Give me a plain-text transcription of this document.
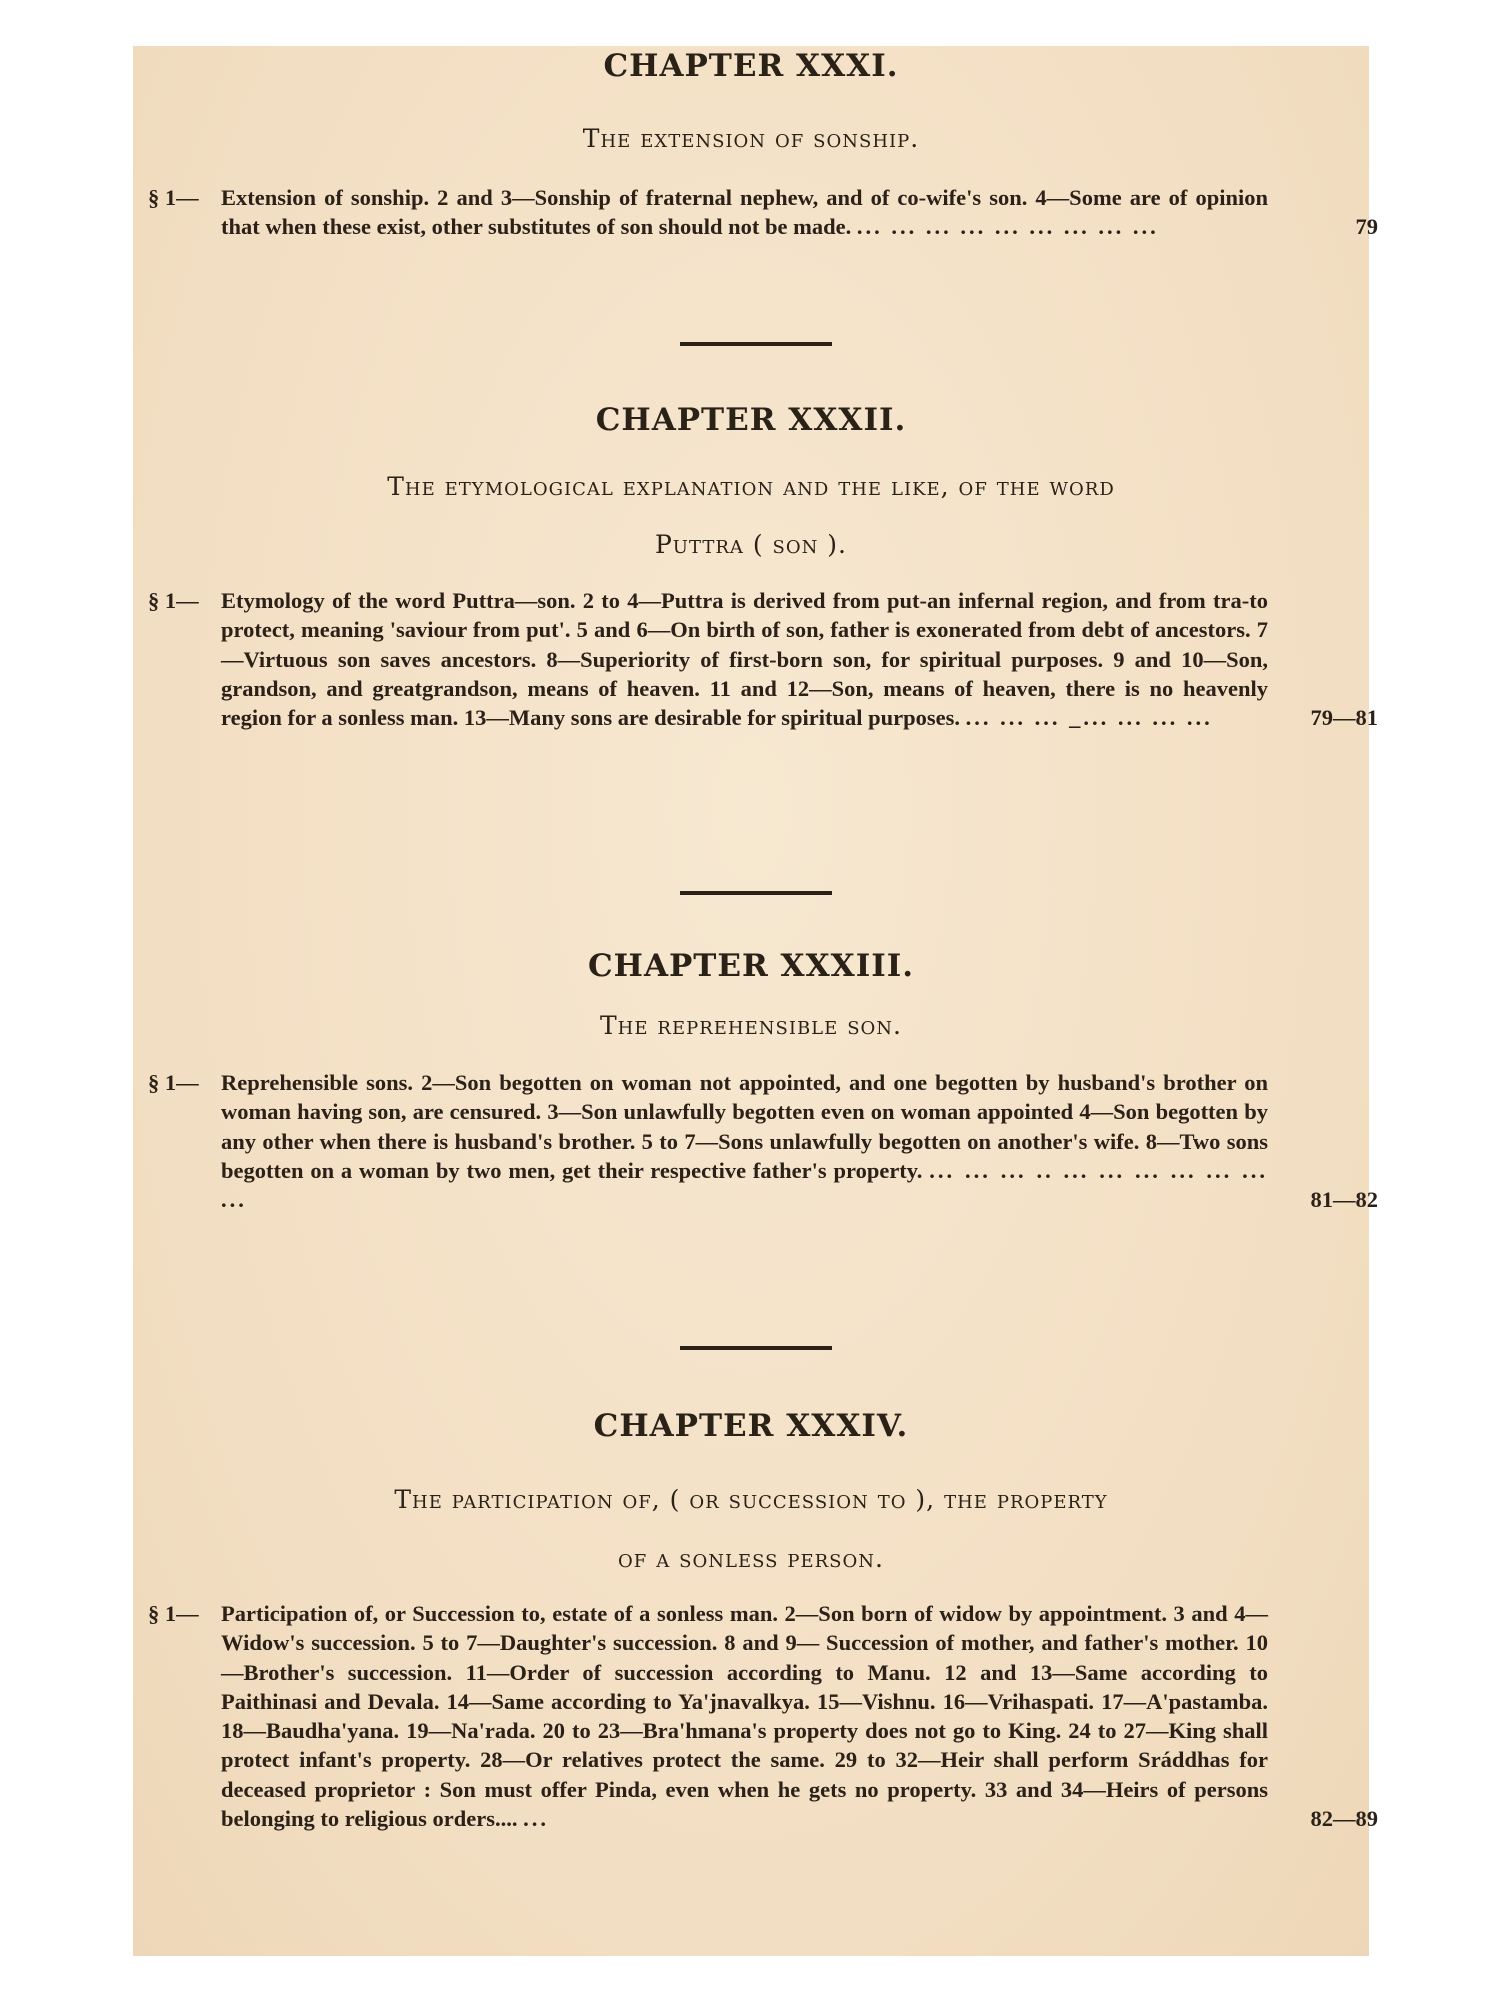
CHAPTER XXXI.

The extension of sonship.

§ 1— Extension of sonship. 2 and 3—Sonship of fraternal nephew, and of co-wife's son. 4—Some are of opinion that when these exist, other substitutes of son should not be made. ... ... ... ... ... ... ... ... ...	79
CHAPTER XXXII.

The etymological explanation and the like, of the word

Puttra ( son ).

§ 1— Etymology of the word Puttra—son. 2 to 4—Puttra is derived from put-an infernal region, and from tra-to protect, meaning 'saviour from put'. 5 and 6—On birth of son, father is exonerated from debt of ancestors. 7—Virtuous son saves ancestors. 8—Superiority of first-born son, for spiritual purposes. 9 and 10—Son, grandson, and greatgrandson, means of heaven. 11 and 12—Son, means of heaven, there is no heavenly region for a sonless man. 13—Many sons are desirable for spiritual purposes. ... ... ... _... ... ... ...	79—81
CHAPTER XXXIII.

The reprehensible son.

§ 1— Reprehensible sons. 2—Son begotten on woman not appointed, and one begotten by husband's brother on woman having son, are censured. 3—Son unlawfully begotten even on woman appointed 4—Son begotten by any other when there is husband's brother. 5 to 7—Sons unlawfully begotten on another's wife. 8—Two sons begotten on a woman by two men, get their respective father's property. ... ... ... .. ... ... ... ... ... ... ...	81—82
CHAPTER XXXIV.

The participation of, ( or succession to ), the property

of a sonless person.

§ 1— Participation of, or Succession to, estate of a sonless man. 2—Son born of widow by appointment. 3 and 4—Widow's succession. 5 to 7—Daughter's succession. 8 and 9— Succession of mother, and father's mother. 10—Brother's succession. 11—Order of succession according to Manu. 12 and 13—Same according to Paithinasi and Devala. 14—Same according to Ya'jnavalkya. 15—Vishnu. 16—Vrihaspati. 17—A'pastamba. 18—Baudha'yana. 19—Na'rada. 20 to 23—Bra'hmana's property does not go to King. 24 to 27—King shall protect infant's property. 28—Or relatives protect the same. 29 to 32—Heir shall perform Sráddhas for deceased proprietor : Son must offer Pinda, even when he gets no property. 33 and 34—Heirs of persons belonging to religious orders.... ...	82—89
